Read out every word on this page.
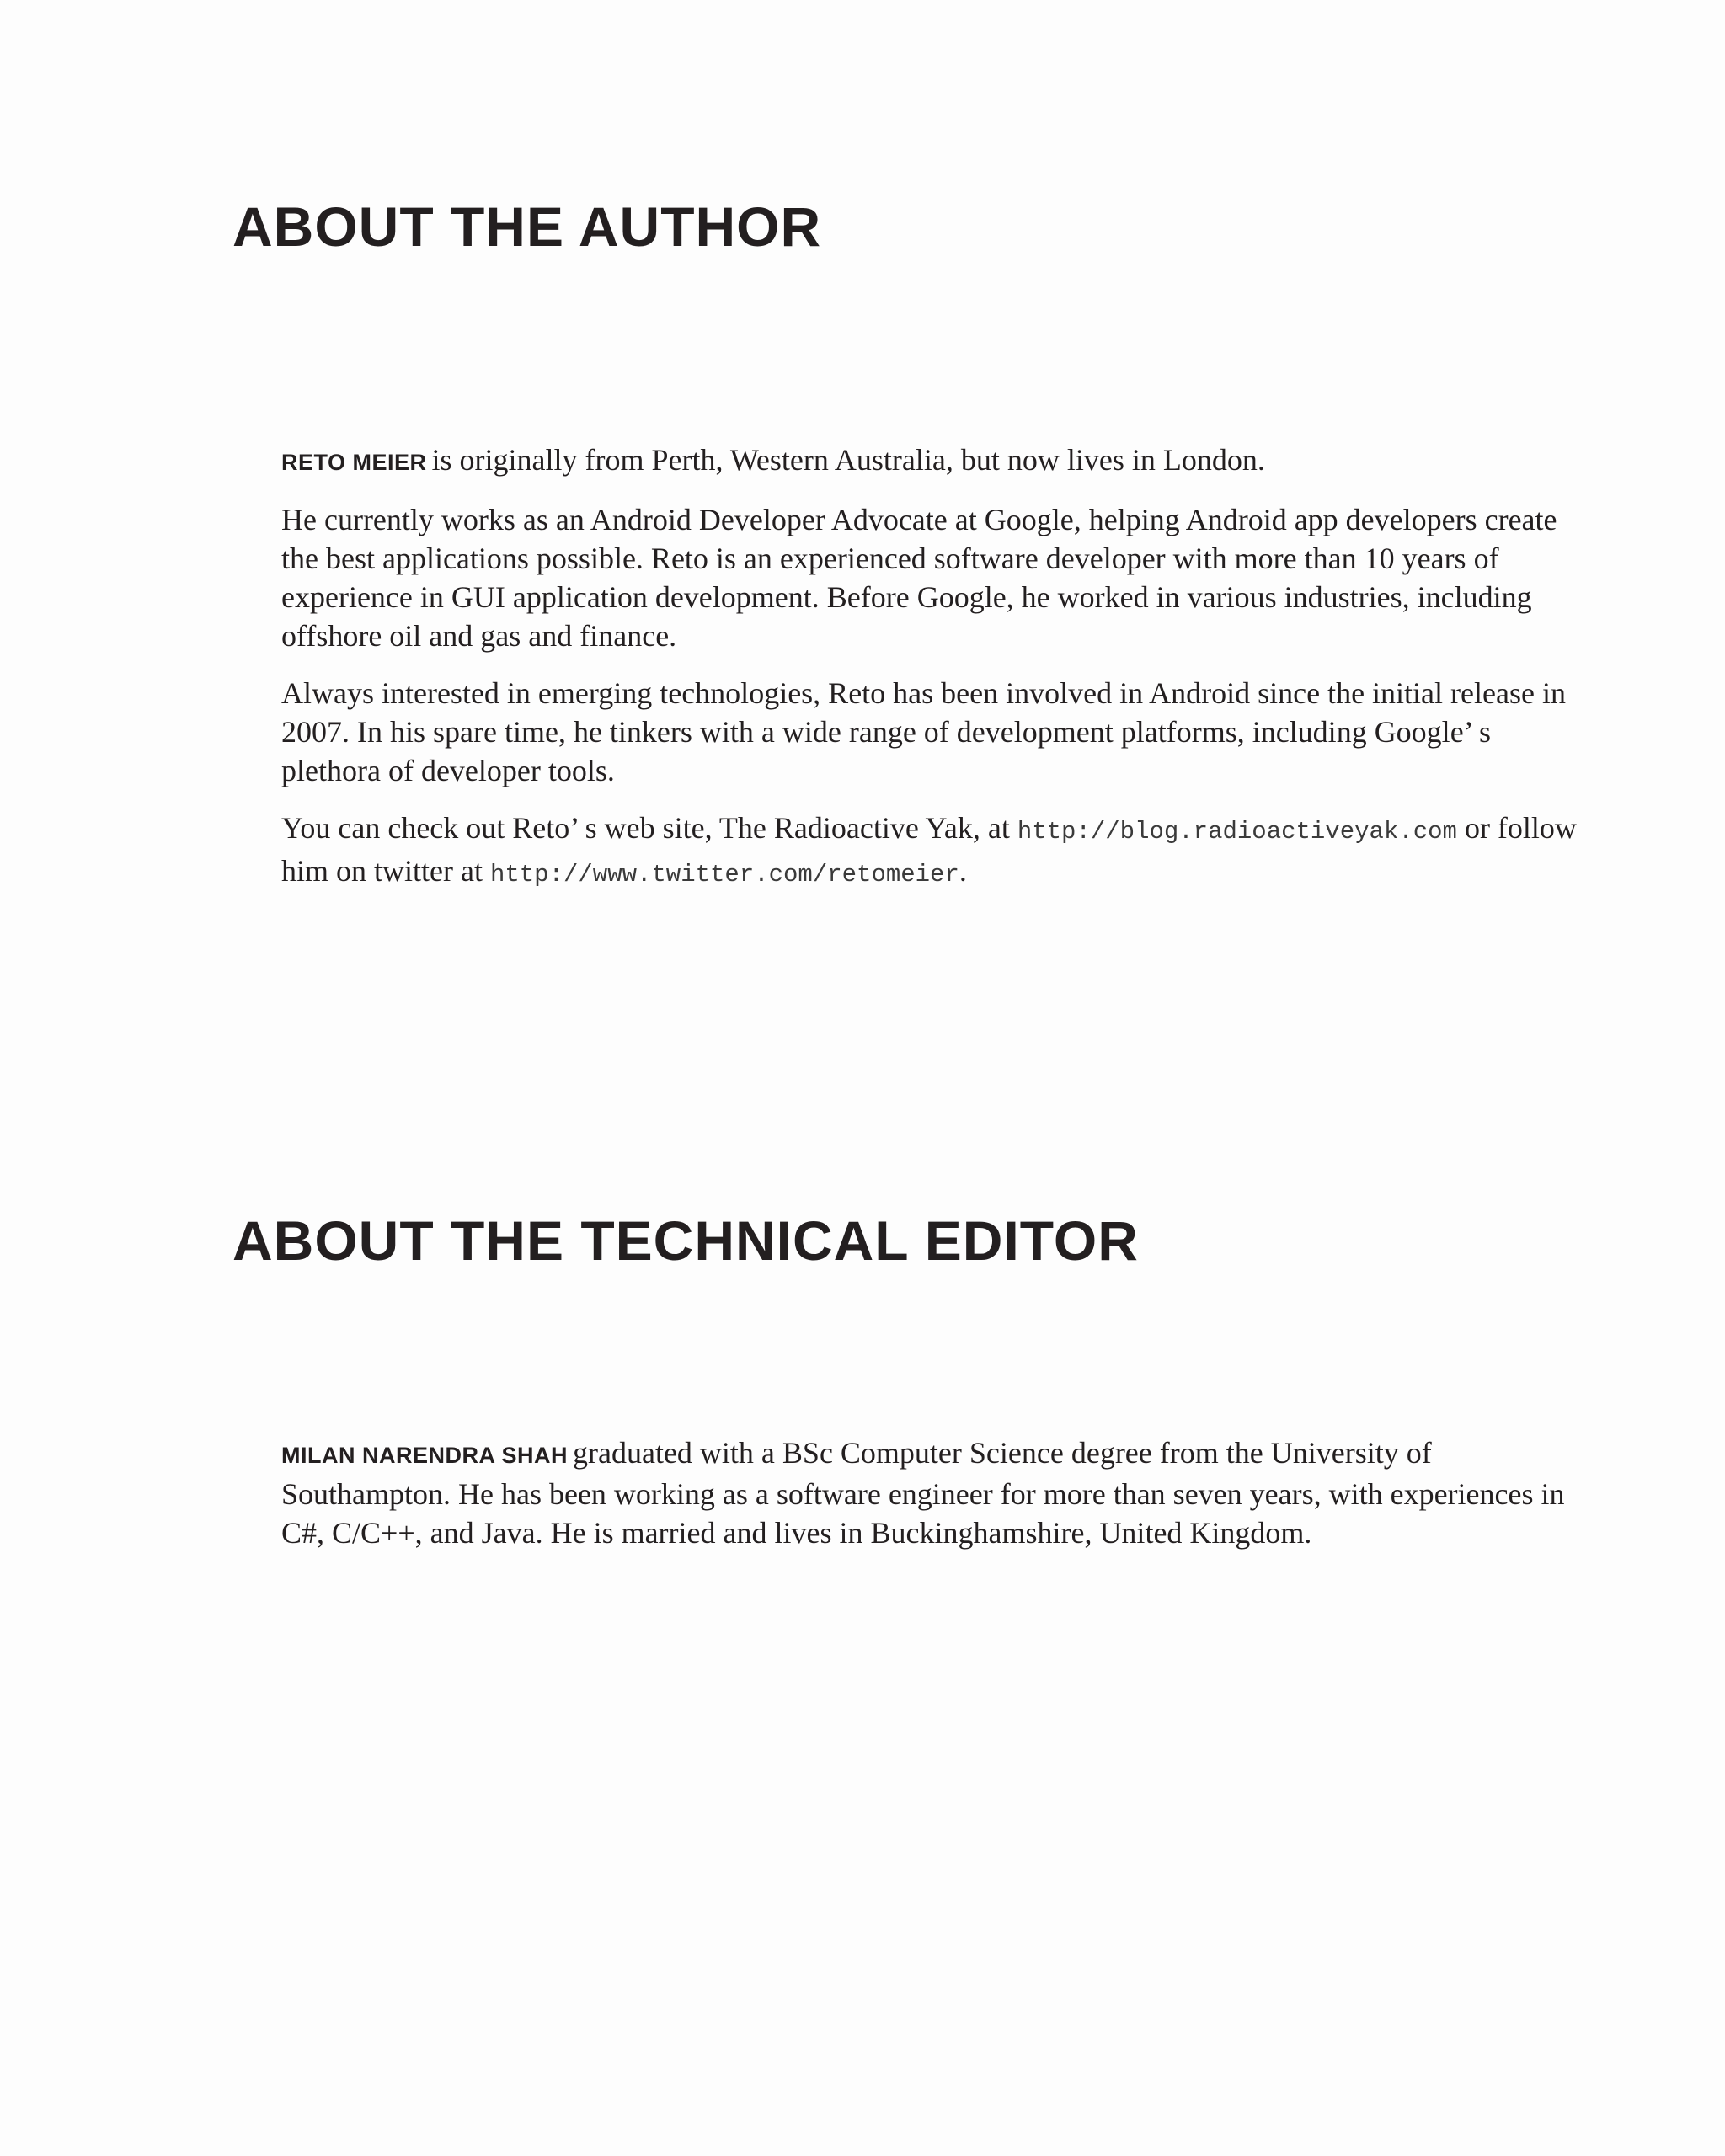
ABOUT THE AUTHOR

RETO MEIER is originally from Perth, Western Australia, but now lives in London.

He currently works as an Android Developer Advocate at Google, helping Android app developers create the best applications possible. Reto is an experienced software developer with more than 10 years of experience in GUI application development. Before Google, he worked in various industries, including offshore oil and gas and finance.

Always interested in emerging technologies, Reto has been involved in Android since the initial release in 2007. In his spare time, he tinkers with a wide range of development platforms, including Google’ s plethora of developer tools.

You can check out Reto’ s web site, The Radioactive Yak, at http://blog.radioactiveyak.com or follow him on twitter at http://www.twitter.com/retomeier.

ABOUT THE TECHNICAL EDITOR

MILAN NARENDRA SHAH graduated with a BSc Computer Science degree from the University of Southampton. He has been working as a software engineer for more than seven years, with experiences in C#, C/C++, and Java. He is married and lives in Buckinghamshire, United Kingdom.
